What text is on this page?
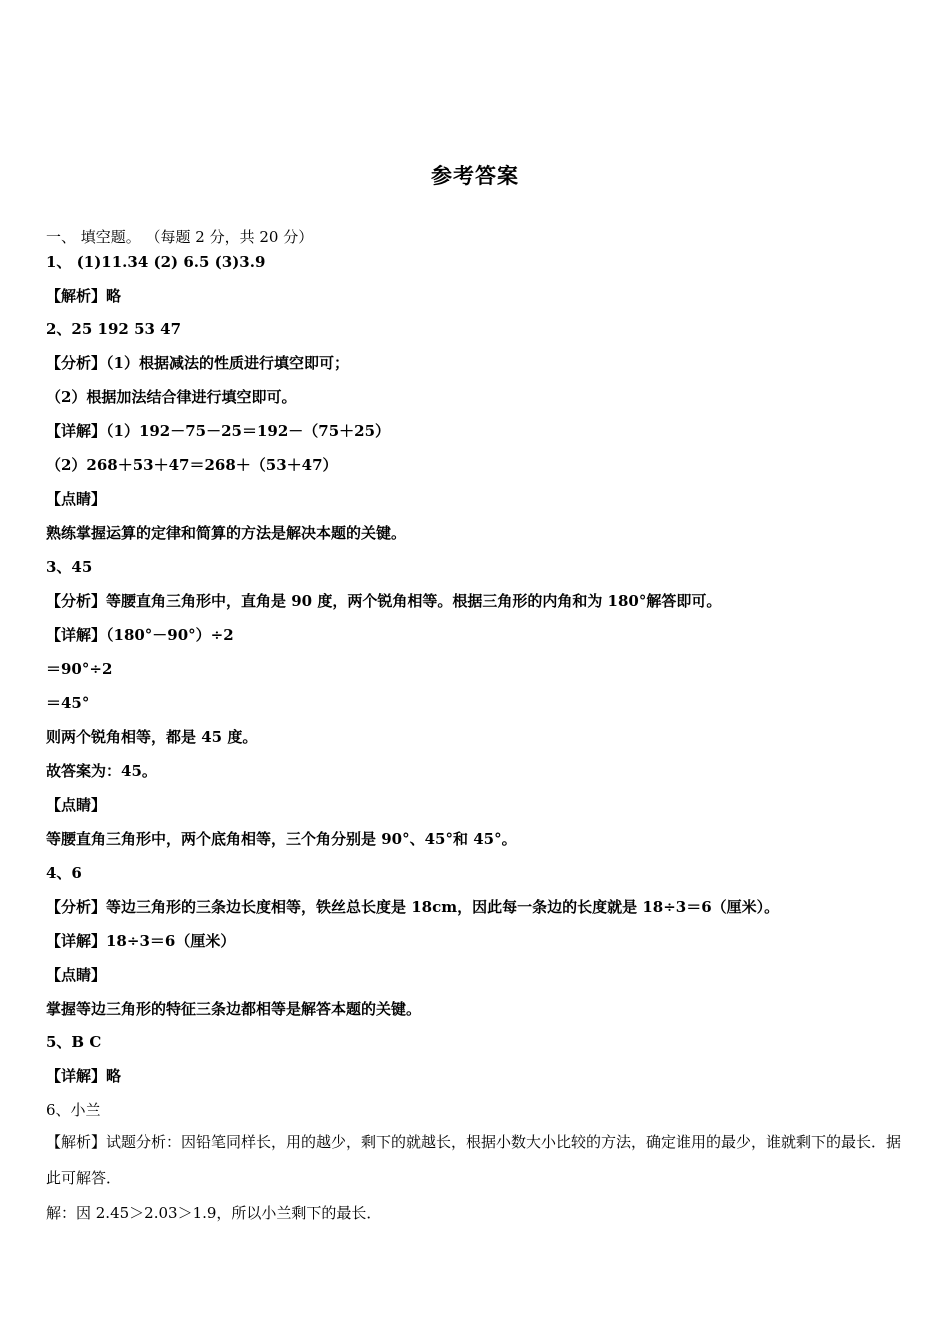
参考答案
一、 填空题。 （每题 2 分，共 20 分）
1、 (1)11.34 (2) 6.5 (3)3.9
【解析】略
2、25 192 53 47
【分析】（1）根据减法的性质进行填空即可；
（2）根据加法结合律进行填空即可。
【详解】（1）192－75－25＝192－（75＋25）
（2）268＋53＋47＝268＋（53＋47）
【点睛】
熟练掌握运算的定律和简算的方法是解决本题的关键。
3、45
【分析】等腰直角三角形中，直角是 90 度，两个锐角相等。根据三角形的内角和为 180°解答即可。
【详解】（180°－90°）÷2
＝90°÷2
＝45°
则两个锐角相等，都是 45 度。
故答案为：45。
【点睛】
等腰直角三角形中，两个底角相等，三个角分别是 90°、45°和 45°。
4、6
【分析】等边三角形的三条边长度相等，铁丝总长度是 18cm，因此每一条边的长度就是 18÷3＝6（厘米）。
【详解】18÷3＝6（厘米）
【点睛】
掌握等边三角形的特征三条边都相等是解答本题的关键。
5、B C
【详解】略
6、小兰
【解析】试题分析：因铅笔同样长，用的越少，剩下的就越长，根据小数大小比较的方法，确定谁用的最少，谁就剩下的最长．据此可解答．
解：因 2.45＞2.03＞1.9，所以小兰剩下的最长．
